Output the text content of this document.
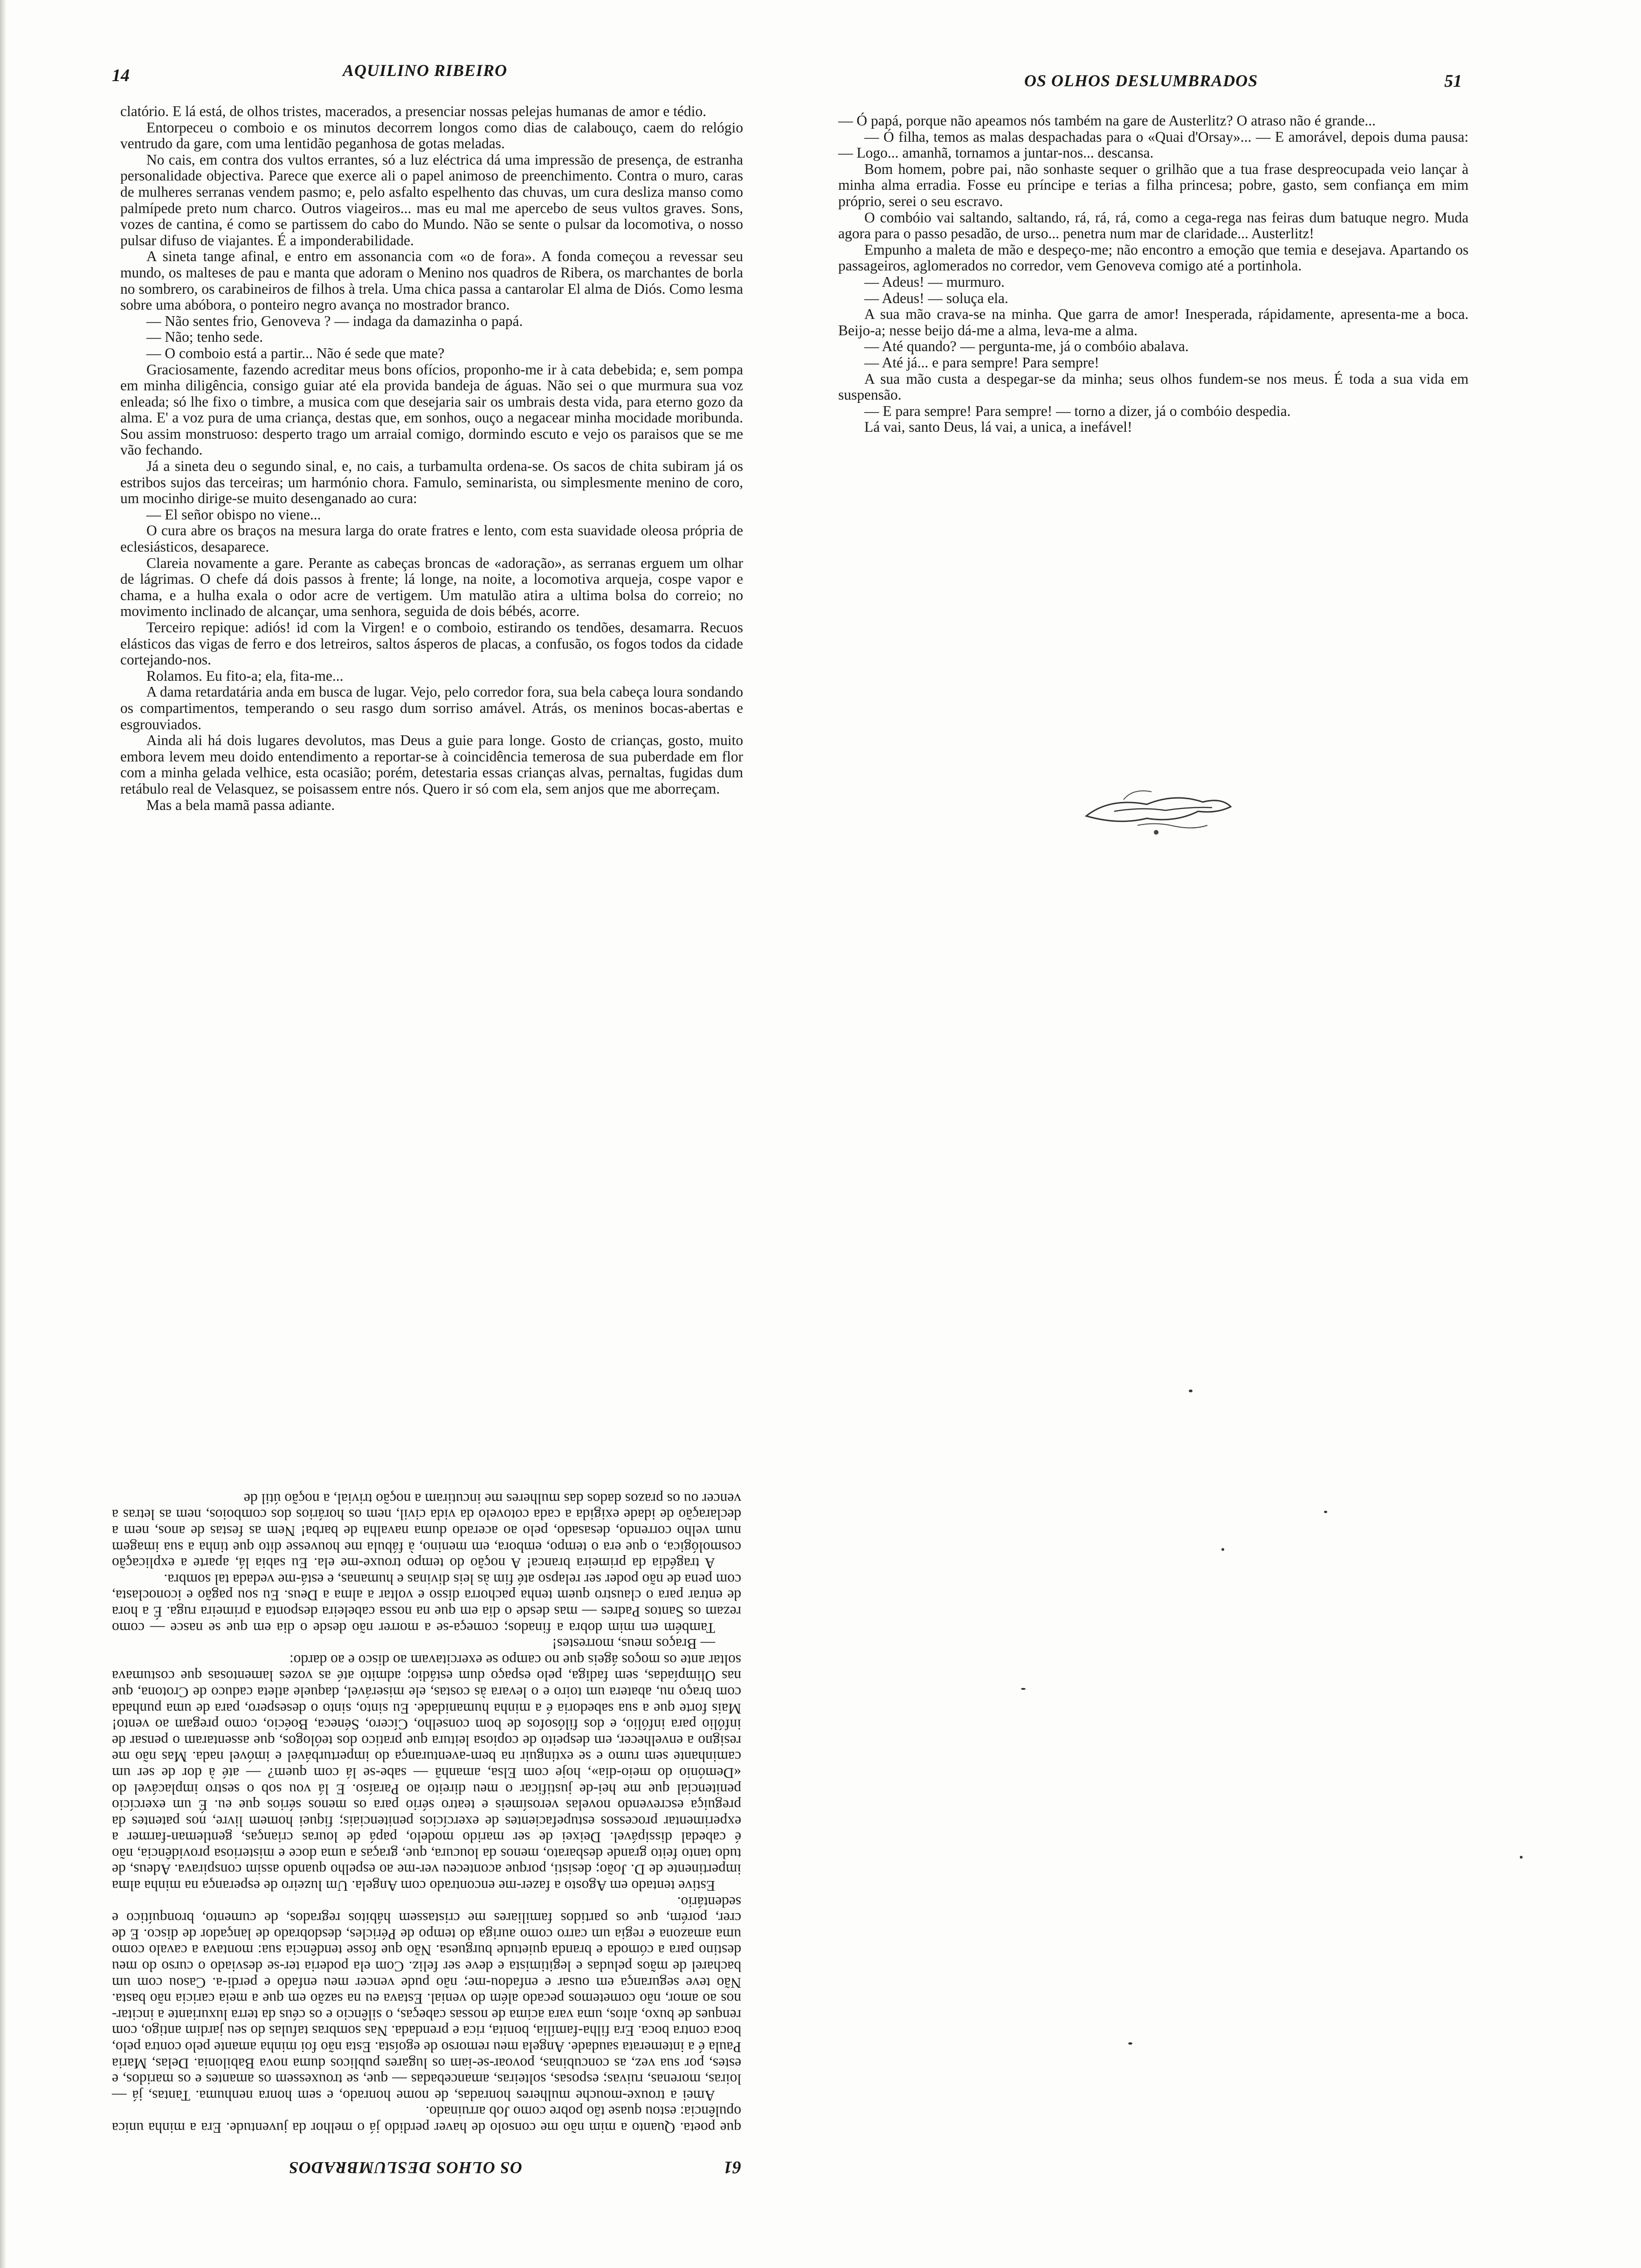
14	AQUILINO RIBEIRO

clatório. E lá está, de olhos tristes, macerados, a presenciar nossas pelejas humanas de amor e tédio.

Entorpeceu o comboio e os minutos decorrem longos como dias de calabouço, caem do relógio ventrudo da gare, com uma lentidão peganhosa de gotas meladas.

No cais, em contra dos vultos errantes, só a luz eléctrica dá uma impressão de presença, de estranha personalidade objectiva. Parece que exerce ali o papel animoso de preenchimento. Contra o muro, caras de mulheres serranas vendem pasmo; e, pelo asfalto espelhento das chuvas, um cura desliza manso como palmípede preto num charco. Outros viageiros... mas eu mal me apercebo de seus vultos graves. Sons, vozes de cantina, é como se partissem do cabo do Mundo. Não se sente o pulsar da locomotiva, o nosso pulsar difuso de viajantes. É a imponderabilidade.

A sineta tange afinal, e entro em assonancia com «o de fora». A fonda começou a revessar seu mundo, os malteses de pau e manta que adoram o Menino nos quadros de Ribera, os marchantes de borla no sombrero, os carabineiros de filhos à trela. Uma chica passa a cantarolar El alma de Diós. Como lesma sobre uma abóbora, o ponteiro negro avança no mostrador branco.

— Não sentes frio, Genoveva ? — indaga da damazinha o papá.

— Não; tenho sede.

— O comboio está a partir... Não é sede que mate?

Graciosamente, fazendo acreditar meus bons ofícios, proponho-me ir à cata debebida; e, sem pompa em minha diligência, consigo guiar até ela provida bandeja de águas. Não sei o que murmura sua voz enleada; só lhe fixo o timbre, a musica com que desejaria sair os umbrais desta vida, para eterno gozo da alma. E' a voz pura de uma criança, destas que, em sonhos, ouço a negacear minha mocidade moribunda. Sou assim monstruoso: desperto trago um arraial comigo, dormindo escuto e vejo os paraisos que se me vão fechando.

Já a sineta deu o segundo sinal, e, no cais, a turbamulta ordena-se. Os sacos de chita subiram já os estribos sujos das terceiras; um harmónio chora. Famulo, seminarista, ou simplesmente menino de coro, um mocinho dirige-se muito desenganado ao cura:

— El señor obispo no viene...

O cura abre os braços na mesura larga do orate fratres e lento, com esta suavidade oleosa própria de eclesiásticos, desaparece.

Clareia novamente a gare. Perante as cabeças broncas de «adoração», as serranas erguem um olhar de lágrimas. O chefe dá dois passos à frente; lá longe, na noite, a locomotiva arqueja, cospe vapor e chama, e a hulha exala o odor acre de vertigem. Um matulão atira a ultima bolsa do correio; no movimento inclinado de alcançar, uma senhora, seguida de dois bébés, acorre.

Terceiro repique: adiós! id com la Virgen! e o comboio, estirando os tendões, desamarra. Recuos elásticos das vigas de ferro e dos letreiros, saltos ásperos de placas, a confusão, os fogos todos da cidade cortejando-nos.

Rolamos. Eu fito-a; ela, fita-me...

A dama retardatária anda em busca de lugar. Vejo, pelo corredor fora, sua bela cabeça loura sondando os compartimentos, temperando o seu rasgo dum sorriso amável. Atrás, os meninos bocas-abertas e esgrouviados.

Ainda ali há dois lugares devolutos, mas Deus a guie para longe. Gosto de crianças, gosto, muito embora levem meu doido entendimento a reportar-se à coincidência temerosa de sua puberdade em flor com a minha gelada velhice, esta ocasião; porém, detestaria essas crianças alvas, pernaltas, fugidas dum retábulo real de Velasquez, se poisassem entre nós. Quero ir só com ela, sem anjos que me aborreçam.

Mas a bela mamã passa adiante.

OS OLHOS DESLUMBRADOS	51

— Ó papá, porque não apeamos nós também na gare de Austerlitz? O atraso não é grande...

— Ó filha, temos as malas despachadas para o «Quai d'Orsay»... — E amorável, depois duma pausa: — Logo... amanhã, tornamos a juntar-nos... descansa.

Bom homem, pobre pai, não sonhaste sequer o grilhão que a tua frase despreocupada veio lançar à minha alma erradia. Fosse eu príncipe e terias a filha princesa; pobre, gasto, sem confiança em mim próprio, serei o seu escravo.

O combóio vai saltando, saltando, rá, rá, rá, como a cega-rega nas feiras dum batuque negro. Muda agora para o passo pesadão, de urso... penetra num mar de claridade... Austerlitz!

Empunho a maleta de mão e despeço-me; não encontro a emoção que temia e desejava. Apartando os passageiros, aglomerados no corredor, vem Genoveva comigo até a portinhola.

— Adeus! — murmuro.

— Adeus! — soluça ela.

A sua mão crava-se na minha. Que garra de amor! Inesperada, rápidamente, apresenta-me a boca. Beijo-a; nesse beijo dá-me a alma, leva-me a alma.

— Até quando? — pergunta-me, já o combóio abalava.

— Até já... e para sempre! Para sempre!

A sua mão custa a despegar-se da minha; seus olhos fundem-se nos meus. É toda a sua vida em suspensão.

— E para sempre! Para sempre! — torno a dizer, já o combóio despedia.

Lá vai, santo Deus, lá vai, a unica, a inefável!

que poeta. Quanto a mim não me consolo de haver perdido já o melhor da juventude. Era a minha unica opulência: estou quase tão pobre como Job arruinado.

Amei a trouxe-mouche mulheres honradas, de nome honrado, e sem honra nenhuma. Tantas, já — loiras, morenas, ruivas; esposas, solteiras, amancebadas — que, se trouxessem os amantes e os maridos, e estes, por sua vez, as concubinas, povoar-se-iam os lugares publicos duma nova Babilonia. Delas, Maria Paula é a intemerata saudade. Angela meu remorso de egoísta. Esta não foi minha amante pelo contra pelo, boca contra boca. Era filha-família, bonita, rica e prendada. Nas sombras tafulas do seu jardim antigo, com renques de buxo, altos, uma vara acima de nossas cabeças, o silêncio e os céus da terra luxuriante a incitar-nos ao amor, não cometemos pecado além do venial. Estava eu na sazão em que a meia caricia não basta. Não teve segurança em ousar e enfadou-me; não pude vencer meu enfado e perdi-a. Casou com um bacharel de mãos peludas e legitimista e deve ser feliz. Com ela poderia ter-se desviado o curso do meu destino para a cómoda e branda quietude burguesa. Não que fosse tendência sua: montava a cavalo como uma amazona e regia um carro como auriga do tempo de Péricles, desdobrado de lançador de disco. E de crer, porém, que os partidos familiares me cristassem hábitos regrados, de cumento, bronquítico e sedentário.

Estive tentado em Agosto a fazer-me encontrado com Angela. Um luzeiro de esperança na minha alma impertinente de D. João; desisti, porque aconteceu ver-me ao espelho quando assim conspirava. Adeus, de tudo tanto feito grande desbarato, menos da loucura, que, graças a uma doce e misteriosa providência, não é cabedal dissipável. Deixei de ser marido modelo, papá de louras crianças, gentleman-farmer a experimentar processos estupefacientes de exercícios penitenciais; fiquei homem livre, nos patentes da preguiça escrevendo novelas verosímeis e teatro sério para os menos sérios que eu. É um exercício penitencial que me hei-de justificar o meu direito ao Paraíso. E lá vou sob o sestro implacável do «Demónio do meio-dia», hoje com Elsa, amanhã — sabe-se lá com quem? — até à dor de ser um caminhante sem rumo e se extinguir na bem-aventurança do imperturbável e imóvel nada. Mas não me resigno a envelhecer, em despeito de copiosa leitura que pratico dos teólogos, que assentaram o pensar de infólio para infólio, e dos filósofos de bom conselho, Cícero, Séneca, Boécio, como pregam ao vento! Mais forte que a sua sabedoria é a minha humanidade. Eu sinto, sinto o desespero, para de uma punhada com braço nu, abatera um toiro e o levara às costas, ele miserável, daquele atleta caduco de Crotona, que nas Olimpíadas, sem fadiga, pelo espaço dum estádio; admito até as vozes lamentosas que costumava soltar ante os moços ágeis que no campo se exercitavam ao disco e ao dardo:

— Braços meus, morrestes!

Também em mim dobra a finados; começa-se a morrer não desde o dia em que se nasce — como rezam os Santos Padres — mas desde o dia em que na nossa cabeleira desponta a primeira ruga. É a hora de entrar para o claustro quem tenha pachorra disso e voltar a alma a Deus. Eu sou pagão e iconoclasta, com pena de não poder ser relapso até fim às leis divinas e humanas, e está-me vedada tal sombra.

A tragédia da primeira branca! A noção do tempo trouxe-me ela. Eu sabia lá, aparte a explicação cosmológica, o que era o tempo, embora, em menino, à fábula me houvesse dito que tinha a sua imagem num velho correndo, desasado, pelo ao acerado duma navalha de barba! Nem as festas de anos, nem a declaração de idade exigida a cada cotovelo da vida civil, nem os horários dos comboios, nem as letras a vencer ou os prazos dados das mulheres me incutiram a noção trivial, a noção útil de

61
OS OLHOS DESLUMBRADOS
